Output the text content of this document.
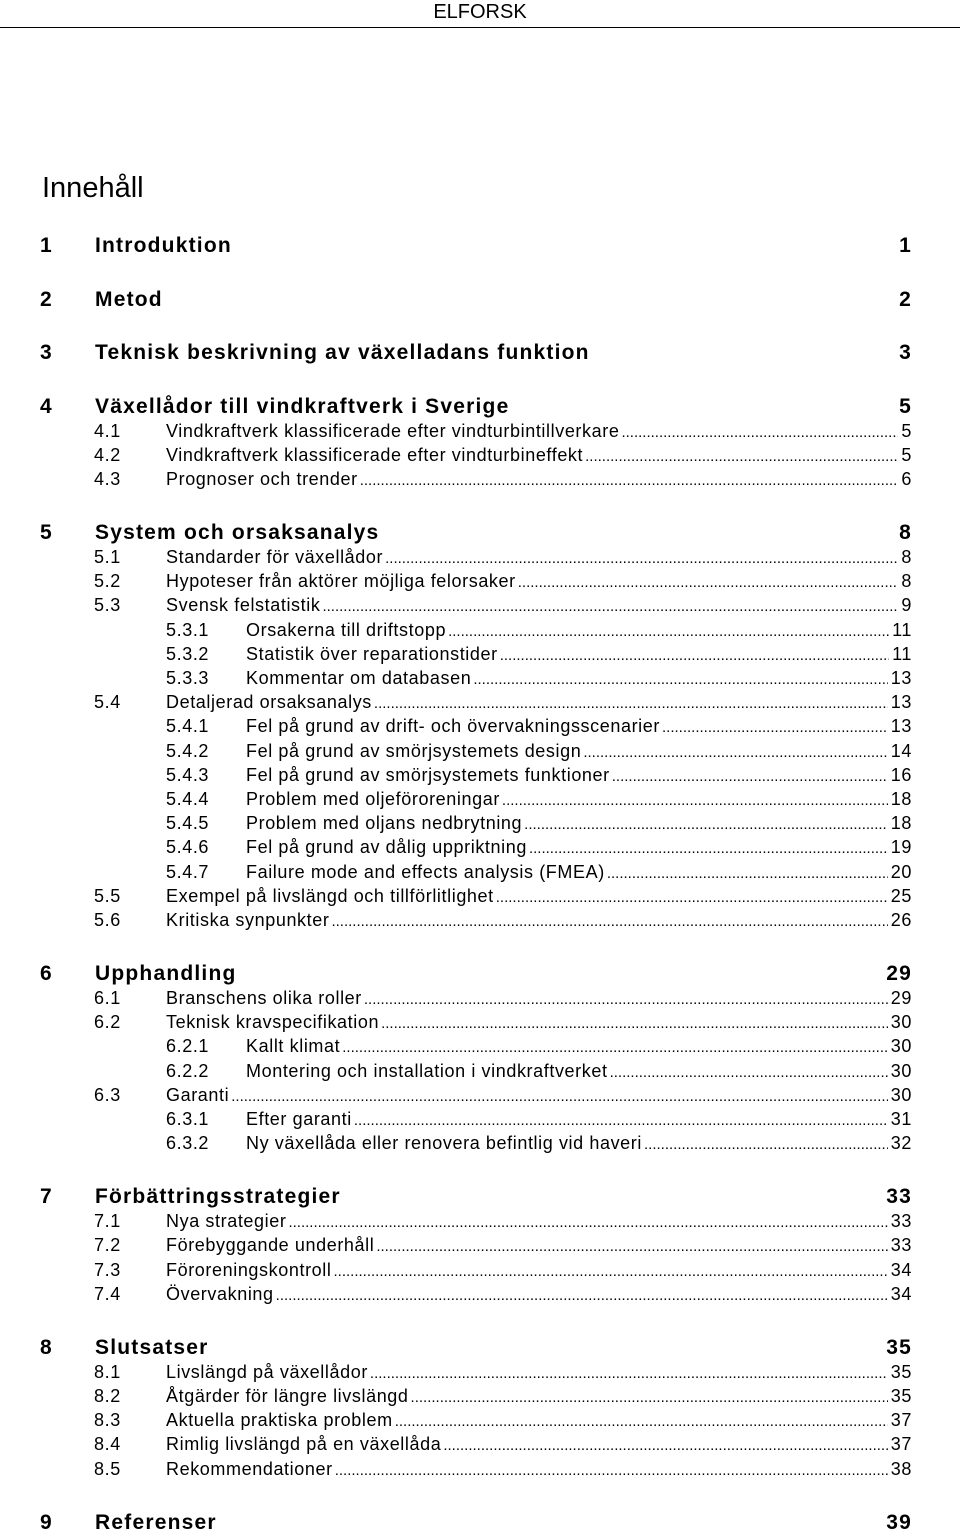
ELFORSK
Innehåll
1 Introduktion	1
2 Metod	2
3 Teknisk beskrivning av växelladans funktion	3
4 Växellådor till vindkraftverk i Sverige	5
4.1	Vindkraftverk klassificerade efter vindturbintillverkare .....	5
4.2	Vindkraftverk klassificerade efter vindturbineffekt .....	5
4.3	Prognoser och trender .....	6
5 System och orsaksanalys	8
5.1	Standarder för växellådor .....	8
5.2	Hypoteser från aktörer möjliga felorsaker .....	8
5.3	Svensk felstatistik .....	9
5.3.1 Orsakerna till driftstopp .....	11
5.3.2 Statistik över reparationstider .....	11
5.3.3 Kommentar om databasen .....	13
5.4	Detaljerad orsaksanalys .....	13
5.4.1 Fel på grund av drift- och övervakningsscenarier .....	13
5.4.2 Fel på grund av smörjsystemets design .....	14
5.4.3 Fel på grund av smörjsystemets funktioner .....	16
5.4.4 Problem med oljeföroreningar .....	18
5.4.5 Problem med oljans nedbrytning .....	18
5.4.6 Fel på grund av dålig uppriktning .....	19
5.4.7 Failure mode and effects analysis (FMEA) .....	20
5.5	Exempel på livslängd och tillförlitlighet .....	25
5.6	Kritiska synpunkter .....	26
6 Upphandling	29
6.1	Branschens olika roller .....	29
6.2	Teknisk kravspecifikation .....	30
6.2.1 Kallt klimat .....	30
6.2.2 Montering och installation i vindkraftverket .....	30
6.3	Garanti .....	30
6.3.1 Efter garanti .....	31
6.3.2 Ny växellåda eller renovera befintlig vid haveri .....	32
7 Förbättringsstrategier	33
7.1	Nya strategier .....	33
7.2	Förebyggande underhåll .....	33
7.3	Föroreningskontroll .....	34
7.4	Övervakning .....	34
8 Slutsatser	35
8.1	Livslängd på växellådor .....	35
8.2	Åtgärder för längre livslängd .....	35
8.3	Aktuella praktiska problem .....	37
8.4	Rimlig livslängd på en växellåda .....	37
8.5	Rekommendationer .....	38
9 Referenser	39
